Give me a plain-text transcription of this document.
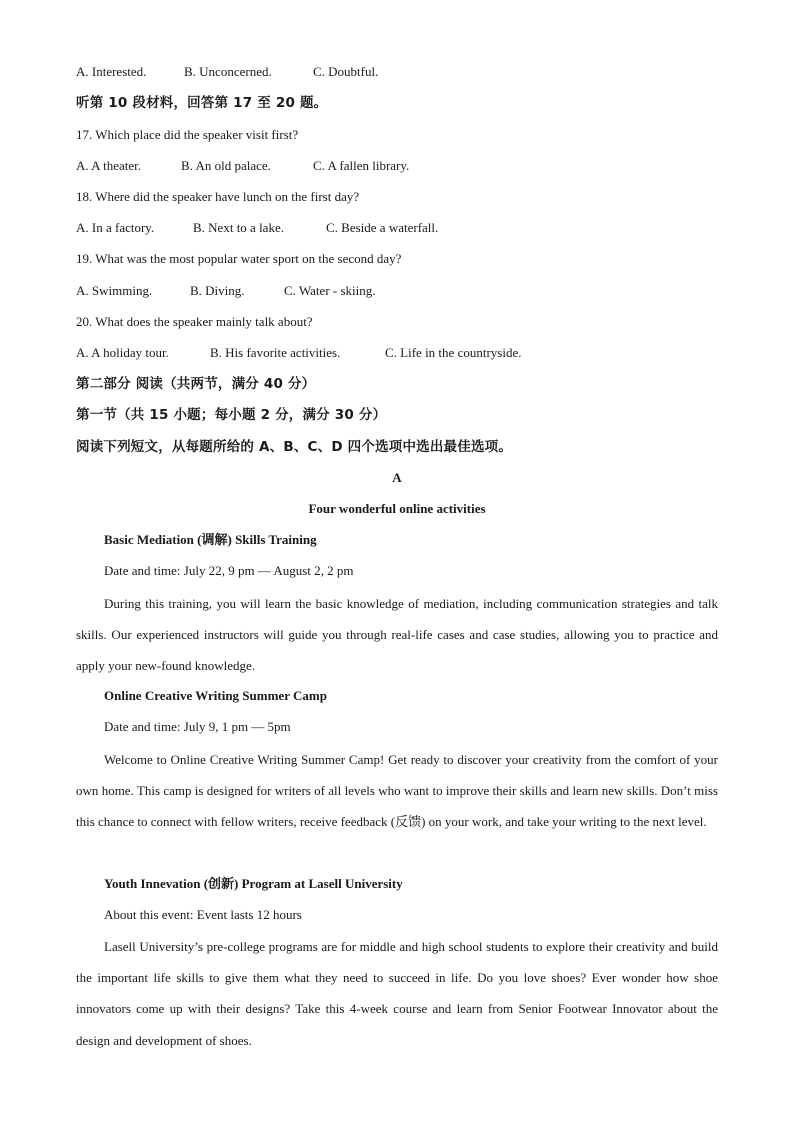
A. Interested.	B. Unconcerned.	C. Doubtful.
听第 10 段材料，回答第 17 至 20 题。
17. Which place did the speaker visit first?
A. A theater.	B. An old palace.	C. A fallen library.
18. Where did the speaker have lunch on the first day?
A. In a factory.	B. Next to a lake.	C. Beside a waterfall.
19. What was the most popular water sport on the second day?
A. Swimming.	B. Diving.	C. Water - skiing.
20. What does the speaker mainly talk about?
A. A holiday tour.	B. His favorite activities.	C. Life in the countryside.
第二部分 阅读（共两节，满分 40 分）
第一节（共 15 小题；每小题 2 分，满分 30 分）
阅读下列短文，从每题所给的 A、B、C、D 四个选项中选出最佳选项。
A
Four wonderful online activities
Basic Mediation (调解) Skills Training
Date and time: July 22, 9 pm — August 2, 2 pm

During this training, you will learn the basic knowledge of mediation, including communication strategies and talk skills. Our experienced instructors will guide you through real-life cases and case studies, allowing you to practice and apply your new-found knowledge.

Online Creative Writing Summer Camp
Date and time: July 9, 1 pm — 5pm

Welcome to Online Creative Writing Summer Camp! Get ready to discover your creativity from the comfort of your own home. This camp is designed for writers of all levels who want to improve their skills and learn new skills. Don’t miss this chance to connect with fellow writers, receive feedback (反馈) on your work, and take your writing to the next level.

Youth Innevation (创新) Program at Lasell University
About this event: Event lasts 12 hours

Lasell University’s pre-college programs are for middle and high school students to explore their creativity and build the important life skills to give them what they need to succeed in life. Do you love shoes? Ever wonder how shoe innovators come up with their designs? Take this 4-week course and learn from Senior Footwear Innovator about the design and development of shoes.
